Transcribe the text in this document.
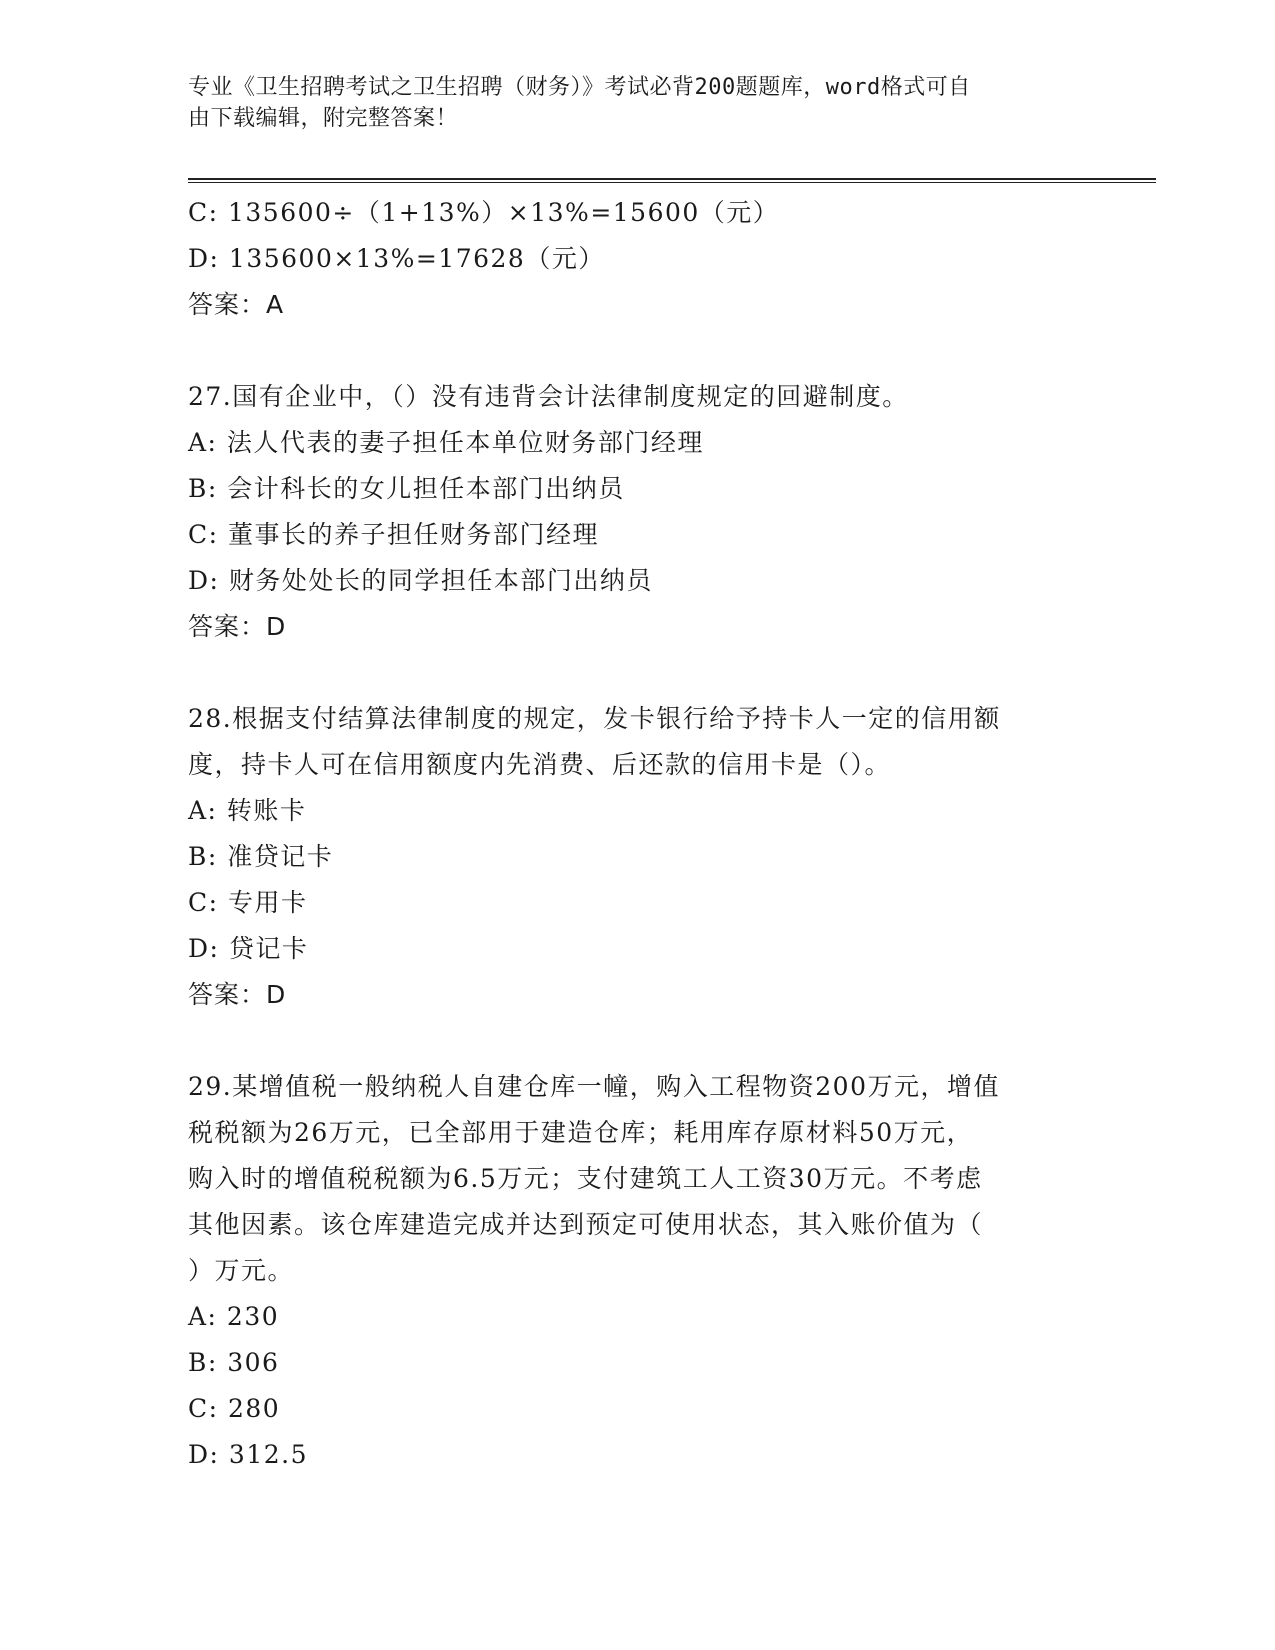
专业《卫生招聘考试之卫生招聘（财务）》考试必背200题题库，word格式可自
由下载编辑，附完整答案！
C: 135600÷（1+13%）×13%=15600（元）
D: 135600×13%=17628（元）
答案：A
27.国有企业中，（）没有违背会计法律制度规定的回避制度。
A: 法人代表的妻子担任本单位财务部门经理
B: 会计科长的女儿担任本部门出纳员
C: 董事长的养子担任财务部门经理
D: 财务处处长的同学担任本部门出纳员
答案：D
28.根据支付结算法律制度的规定，发卡银行给予持卡人一定的信用额
度，持卡人可在信用额度内先消费、后还款的信用卡是（）。
A: 转账卡
B: 准贷记卡
C: 专用卡
D: 贷记卡
答案：D
29.某增值税一般纳税人自建仓库一幢，购入工程物资200万元，增值
税税额为26万元，已全部用于建造仓库；耗用库存原材料50万元，
购入时的增值税税额为6.5万元；支付建筑工人工资30万元。不考虑
其他因素。该仓库建造完成并达到预定可使用状态，其入账价值为（
）万元。
A: 230
B: 306
C: 280
D: 312.5
